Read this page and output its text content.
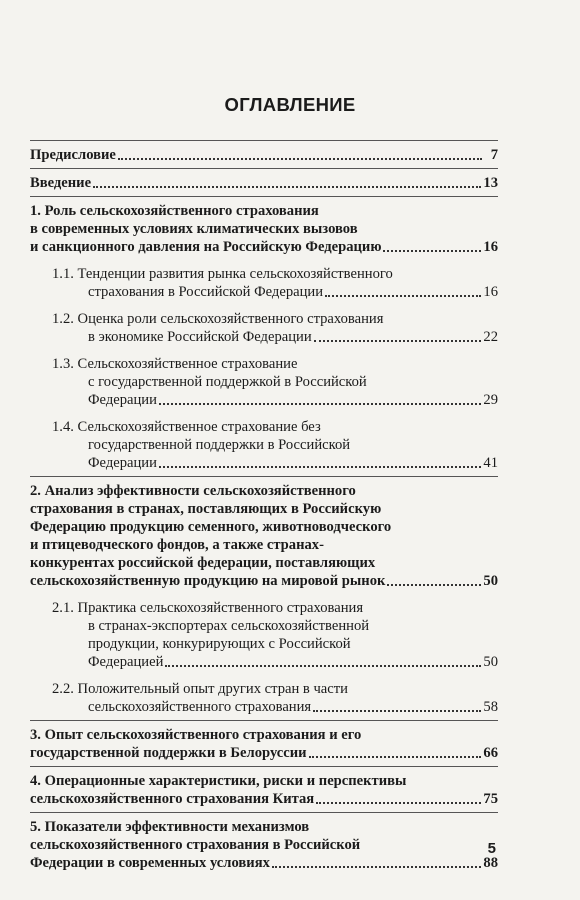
ОГЛАВЛЕНИЕ
Предисловие	7
Введение	13
1. Роль сельскохозяйственного страхования
в современных условиях климатических вызовов
и санкционного давления на Российскую Федерацию	16
1.1. Тенденции развития рынка сельскохозяйственного
страхования в Российской Федерации	16
1.2. Оценка роли сельскохозяйственного страхования
в экономике Российской Федерации	22
1.3. Сельскохозяйственное страхование
с государственной поддержкой в Российской
Федерации	29
1.4. Сельскохозяйственное страхование без
государственной поддержки в Российской
Федерации	41
2. Анализ эффективности сельскохозяйственного
страхования в странах, поставляющих в Российскую
Федерацию продукцию семенного, животноводческого
и птицеводческого фондов, а также странах-
конкурентах российской федерации, поставляющих
сельскохозяйственную продукцию на мировой рынок	50
2.1. Практика сельскохозяйственного страхования
в странах-экспортерах сельскохозяйственной
продукции, конкурирующих с Российской
Федерацией	50
2.2. Положительный опыт других стран в части
сельскохозяйственного страхования	58
3. Опыт сельскохозяйственного страхования и его
государственной поддержки в Белоруссии	66
4. Операционные характеристики, риски и перспективы
сельскохозяйственного страхования Китая	75
5. Показатели эффективности механизмов
сельскохозяйственного страхования в Российской
Федерации в современных условиях	88
5
